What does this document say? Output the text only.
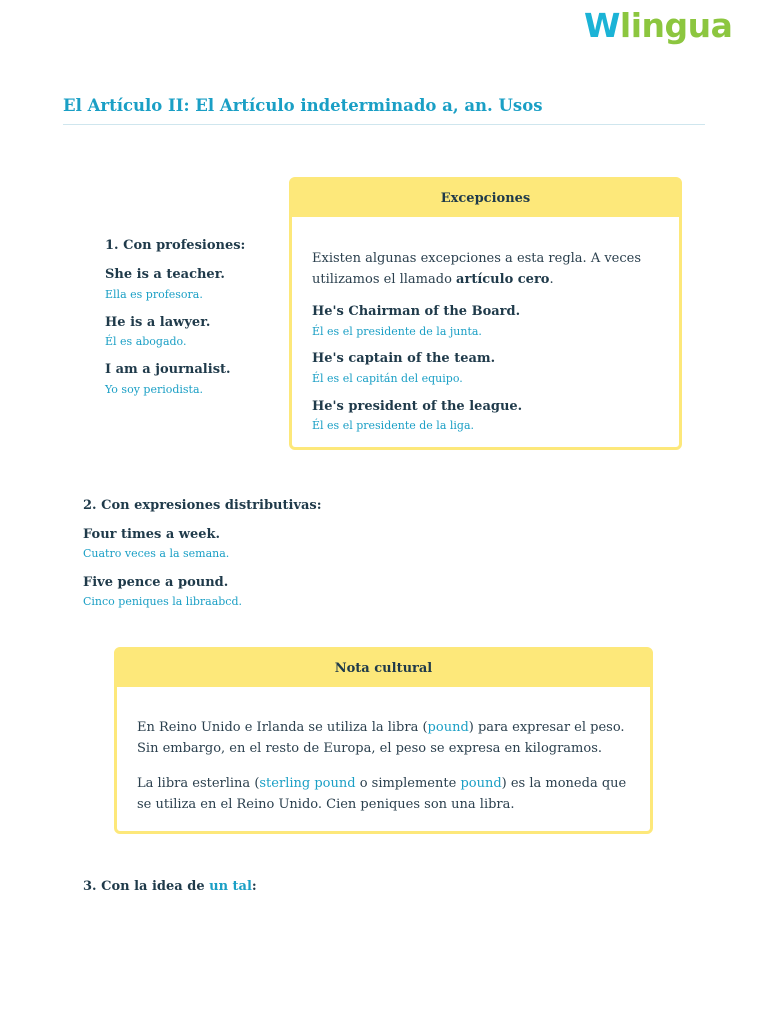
W lingua
El Artículo II: El Artículo indeterminado a, an. Usos
1. Con profesiones:
She is a teacher.
Ella es profesora.
He is a lawyer.
Él es abogado.
I am a journalist.
Yo soy periodista.
Excepciones

Existen algunas excepciones a esta regla. A veces utilizamos el llamado artículo cero.

He's Chairman of the Board.
Él es el presidente de la junta.
He's captain of the team.
Él es el capitán del equipo.
He's president of the league.
Él es el presidente de la liga.
2. Con expresiones distributivas:
Four times a week.
Cuatro veces a la semana.
Five pence a pound.
Cinco peniques la libraabcd.
Nota cultural

En Reino Unido e Irlanda se utiliza la libra (pound) para expresar el peso. Sin embargo, en el resto de Europa, el peso se expresa en kilogramos.

La libra esterlina (sterling pound o simplemente pound) es la moneda que se utiliza en el Reino Unido. Cien peniques son una libra.

3. Con la idea de un tal:
